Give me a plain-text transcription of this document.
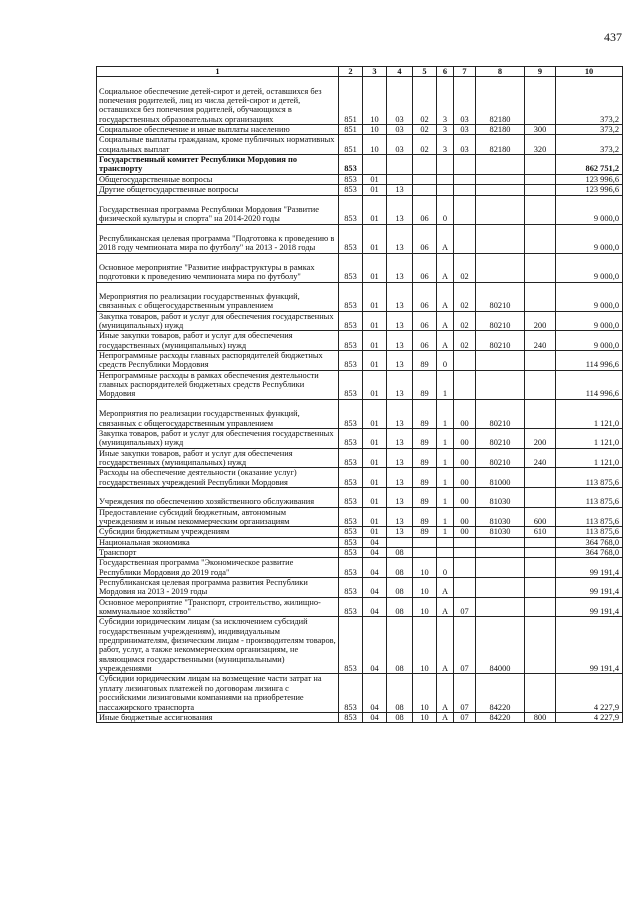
437
1	2	3	4	5	6	7	8	9	10
Социальное обеспечение детей-сирот и детей, оставшихся без попечения родителей, лиц из числа детей-сирот и детей, оставшихся без попечения родителей, обучающихся в государственных образовательных организациях	851	10	03	02	3	03	82180		373,2
Социальное обеспечение и иные выплаты населению	851	10	03	02	3	03	82180	300	373,2
Социальные выплаты гражданам, кроме публичных нормативных социальных выплат	851	10	03	02	3	03	82180	320	373,2
Государственный комитет Республики Мордовия по транспорту	853								862 751,2
Общегосударственные вопросы	853	01							123 996,6
Другие общегосударственные вопросы	853	01	13						123 996,6
Государственная программа Республики Мордовия "Развитие физической культуры и спорта" на 2014-2020 годы	853	01	13	06	0				9 000,0
Республиканская целевая программа "Подготовка к проведению в 2018 году чемпионата мира по футболу" на 2013 - 2018 годы	853	01	13	06	А				9 000,0
Основное мероприятие "Развитие инфраструктуры в рамках подготовки к проведению чемпионата мира по футболу"	853	01	13	06	А	02			9 000,0
Мероприятия по реализации государственных функций, связанных с общегосударственным управлением	853	01	13	06	А	02	80210		9 000,0
Закупка товаров, работ и услуг для обеспечения государственных (муниципальных) нужд	853	01	13	06	А	02	80210	200	9 000,0
Иные закупки товаров, работ и услуг для обеспечения государственных (муниципальных) нужд	853	01	13	06	А	02	80210	240	9 000,0
Непрограммные расходы главных распорядителей бюджетных средств Республики Мордовия	853	01	13	89	0				114 996,6
Непрограммные расходы в рамках обеспечения деятельности главных распорядителей бюджетных средств Республики Мордовия	853	01	13	89	1				114 996,6
Мероприятия по реализации государственных функций, связанных с общегосударственным управлением	853	01	13	89	1	00	80210		1 121,0
Закупка товаров, работ и услуг для обеспечения государственных (муниципальных) нужд	853	01	13	89	1	00	80210	200	1 121,0
Иные закупки товаров, работ и услуг для обеспечения государственных (муниципальных) нужд	853	01	13	89	1	00	80210	240	1 121,0
Расходы на обеспечение деятельности (оказание услуг) государственных учреждений Республики Мордовия	853	01	13	89	1	00	81000		113 875,6
Учреждения по обеспечению хозяйственного обслуживания	853	01	13	89	1	00	81030		113 875,6
Предоставление субсидий бюджетным, автономным учреждениям и иным некоммерческим организациям	853	01	13	89	1	00	81030	600	113 875,6
Субсидии бюджетным учреждениям	853	01	13	89	1	00	81030	610	113 875,6
Национальная экономика	853	04							364 768,0
Транспорт	853	04	08						364 768,0
Государственная программа "Экономическое развитие Республики Мордовия до 2019 года"	853	04	08	10	0				99 191,4
Республиканская целевая программа развития Республики Мордовия на 2013 - 2019 годы	853	04	08	10	А				99 191,4
Основное мероприятие "Транспорт, строительство, жилищно-коммунальное хозяйство"	853	04	08	10	А	07			99 191,4
Субсидии юридическим лицам (за исключением субсидий государственным учреждениям), индивидуальным предпринимателям, физическим лицам - производителям товаров, работ, услуг, а также некоммерческим организациям, не являющимся государственными (муниципальными) учреждениями	853	04	08	10	А	07	84000		99 191,4
Субсидии юридическим лицам на возмещение части затрат на уплату лизинговых платежей по договорам лизинга с российскими лизинговыми компаниями на приобретение пассажирского транспорта	853	04	08	10	А	07	84220		4 227,9
Иные бюджетные ассигнования	853	04	08	10	А	07	84220	800	4 227,9
